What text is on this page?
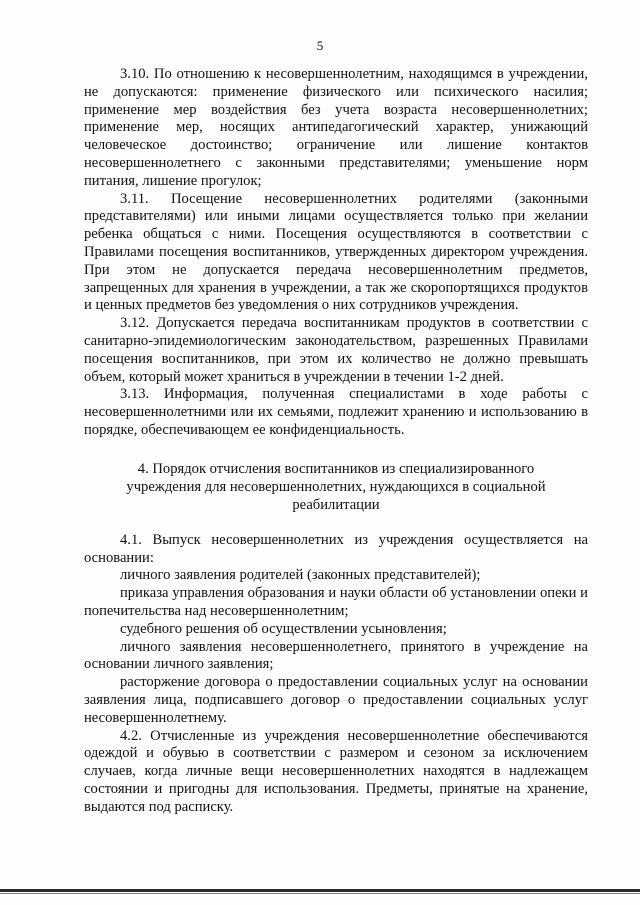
5

3.10. По отношению к несовершеннолетним, находящимся в учреждении, не допускаются: применение физического или психического насилия; применение мер воздействия без учета возраста несовершеннолетних; применение мер, носящих антипедагогический характер, унижающий человеческое достоинство; ограничение или лишение контактов несовершеннолетнего с законными представителями; уменьшение норм питания, лишение прогулок;

3.11. Посещение несовершеннолетних родителями (законными представителями) или иными лицами осуществляется только при желании ребенка общаться с ними. Посещения осуществляются в соответствии с Правилами посещения воспитанников, утвержденных директором учреждения. При этом не допускается передача несовершеннолетним предметов, запрещенных для хранения в учреждении, а так же скоропортящихся продуктов и ценных предметов без уведомления о них сотрудников учреждения.

3.12. Допускается передача воспитанникам продуктов в соответствии с санитарно-эпидемиологическим законодательством, разрешенных Правилами посещения воспитанников, при этом их количество не должно превышать объем, который может храниться в учреждении в течении 1-2 дней.

3.13. Информация, полученная специалистами в ходе работы с несовершеннолетними или их семьями, подлежит хранению и использованию в порядке, обеспечивающем ее конфиденциальность.

4. Порядок отчисления воспитанников из специализированного учреждения для несовершеннолетних, нуждающихся в социальной реабилитации

4.1. Выпуск несовершеннолетних из учреждения осуществляется на основании:

личного заявления родителей (законных представителей);

приказа управления образования и науки области об установлении опеки и попечительства над несовершеннолетним;

судебного решения об осуществлении усыновления;

личного заявления несовершеннолетнего, принятого в учреждение на основании личного заявления;

расторжение договора о предоставлении социальных услуг на основании заявления лица, подписавшего договор о предоставлении социальных услуг несовершеннолетнему.

4.2. Отчисленные из учреждения несовершеннолетние обеспечиваются одеждой и обувью в соответствии с размером и сезоном за исключением случаев, когда личные вещи несовершеннолетних находятся в надлежащем состоянии и пригодны для использования. Предметы, принятые на хранение, выдаются под расписку.
